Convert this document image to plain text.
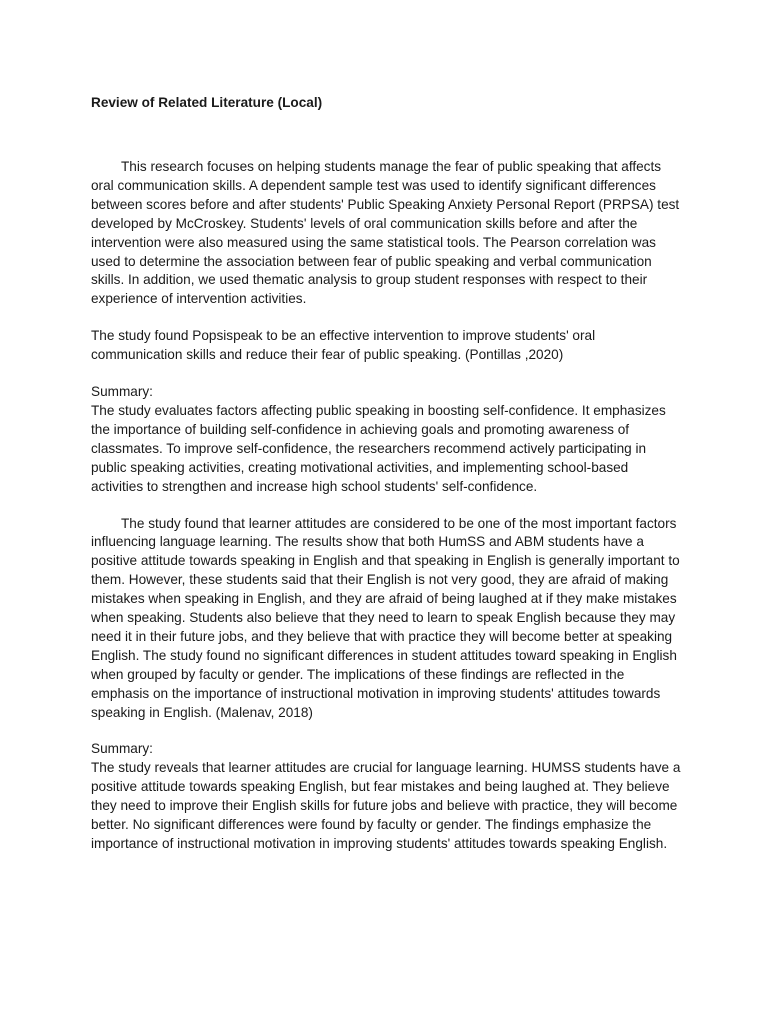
Review of Related Literature (Local)

This research focuses on helping students manage the fear of public speaking that affects oral communication skills. A dependent sample test was used to identify significant differences between scores before and after students' Public Speaking Anxiety Personal Report (PRPSA) test developed by McCroskey. Students' levels of oral communication skills before and after the intervention were also measured using the same statistical tools. The Pearson correlation was used to determine the association between fear of public speaking and verbal communication skills. In addition, we used thematic analysis to group student responses with respect to their experience of intervention activities.

The study found Popsispeak to be an effective intervention to improve students' oral communication skills and reduce their fear of public speaking. (Pontillas ,2020)

Summary:

The study evaluates factors affecting public speaking in boosting self-confidence. It emphasizes the importance of building self-confidence in achieving goals and promoting awareness of classmates. To improve self-confidence, the researchers recommend actively participating in public speaking activities, creating motivational activities, and implementing school-based activities to strengthen and increase high school students' self-confidence.

The study found that learner attitudes are considered to be one of the most important factors influencing language learning. The results show that both HumSS and ABM students have a positive attitude towards speaking in English and that speaking in English is generally important to them. However, these students said that their English is not very good, they are afraid of making mistakes when speaking in English, and they are afraid of being laughed at if they make mistakes when speaking. Students also believe that they need to learn to speak English because they may need it in their future jobs, and they believe that with practice they will become better at speaking English. The study found no significant differences in student attitudes toward speaking in English when grouped by faculty or gender. The implications of these findings are reflected in the emphasis on the importance of instructional motivation in improving students' attitudes towards speaking in English. (Malenav, 2018)

Summary:

The study reveals that learner attitudes are crucial for language learning. HUMSS students have a positive attitude towards speaking English, but fear mistakes and being laughed at. They believe they need to improve their English skills for future jobs and believe with practice, they will become better. No significant differences were found by faculty or gender. The findings emphasize the importance of instructional motivation in improving students' attitudes towards speaking English.
